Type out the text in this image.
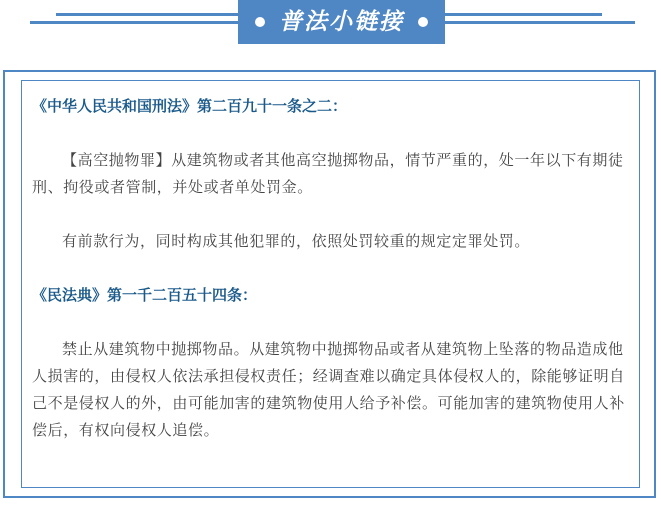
普法小链接

《中华人民共和国刑法》第二百九十一条之二：

【高空抛物罪】从建筑物或者其他高空抛掷物品，情节严重的，处一年以下有期徒刑、拘役或者管制，并处或者单处罚金。

有前款行为，同时构成其他犯罪的，依照处罚较重的规定定罪处罚。

《民法典》第一千二百五十四条：

禁止从建筑物中抛掷物品。从建筑物中抛掷物品或者从建筑物上坠落的物品造成他人损害的，由侵权人依法承担侵权责任；经调查难以确定具体侵权人的，除能够证明自己不是侵权人的外，由可能加害的建筑物使用人给予补偿。可能加害的建筑物使用人补偿后，有权向侵权人追偿。
